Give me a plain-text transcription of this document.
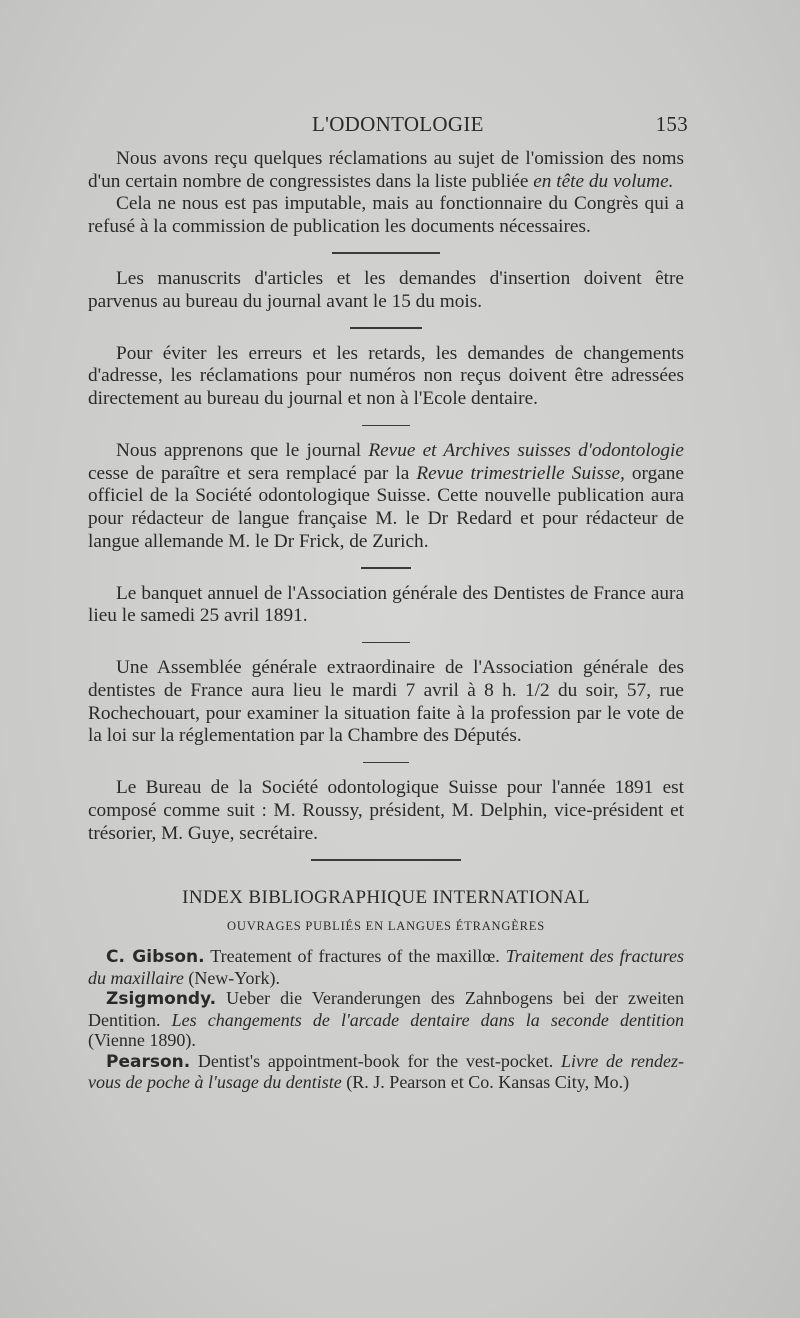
L'ODONTOLOGIE	153

Nous avons reçu quelques réclamations au sujet de l'omission des noms d'un certain nombre de congressistes dans la liste publiée en tête du volume.

Cela ne nous est pas imputable, mais au fonctionnaire du Congrès qui a refusé à la commission de publication les documents nécessaires.

Les manuscrits d'articles et les demandes d'insertion doivent être parvenus au bureau du journal avant le 15 du mois.

Pour éviter les erreurs et les retards, les demandes de changements d'adresse, les réclamations pour numéros non reçus doivent être adressées directement au bureau du journal et non à l'Ecole dentaire.

Nous apprenons que le journal Revue et Archives suisses d'odontologie cesse de paraître et sera remplacé par la Revue trimestrielle Suisse, organe officiel de la Société odontologique Suisse. Cette nouvelle publication aura pour rédacteur de langue française M. le Dr Redard et pour rédacteur de langue allemande M. le Dr Frick, de Zurich.

Le banquet annuel de l'Association générale des Dentistes de France aura lieu le samedi 25 avril 1891.

Une Assemblée générale extraordinaire de l'Association générale des dentistes de France aura lieu le mardi 7 avril à 8 h. 1/2 du soir, 57, rue Rochechouart, pour examiner la situation faite à la profession par le vote de la loi sur la réglementation par la Chambre des Députés.

Le Bureau de la Société odontologique Suisse pour l'année 1891 est composé comme suit : M. Roussy, président, M. Delphin, vice-président et trésorier, M. Guye, secrétaire.

INDEX BIBLIOGRAPHIQUE INTERNATIONAL
OUVRAGES PUBLIÉS EN LANGUES ÉTRANGÈRES
C. Gibson. Treatement of fractures of the maxillœ. Traitement des fractures du maxillaire (New-York).
Zsigmondy. Ueber die Veranderungen des Zahnbogens bei der zweiten Dentition. Les changements de l'arcade dentaire dans la seconde dentition (Vienne 1890).
Pearson. Dentist's appointment-book for the vest-pocket. Livre de rendez-vous de poche à l'usage du dentiste (R. J. Pearson et Co. Kansas City, Mo.)
